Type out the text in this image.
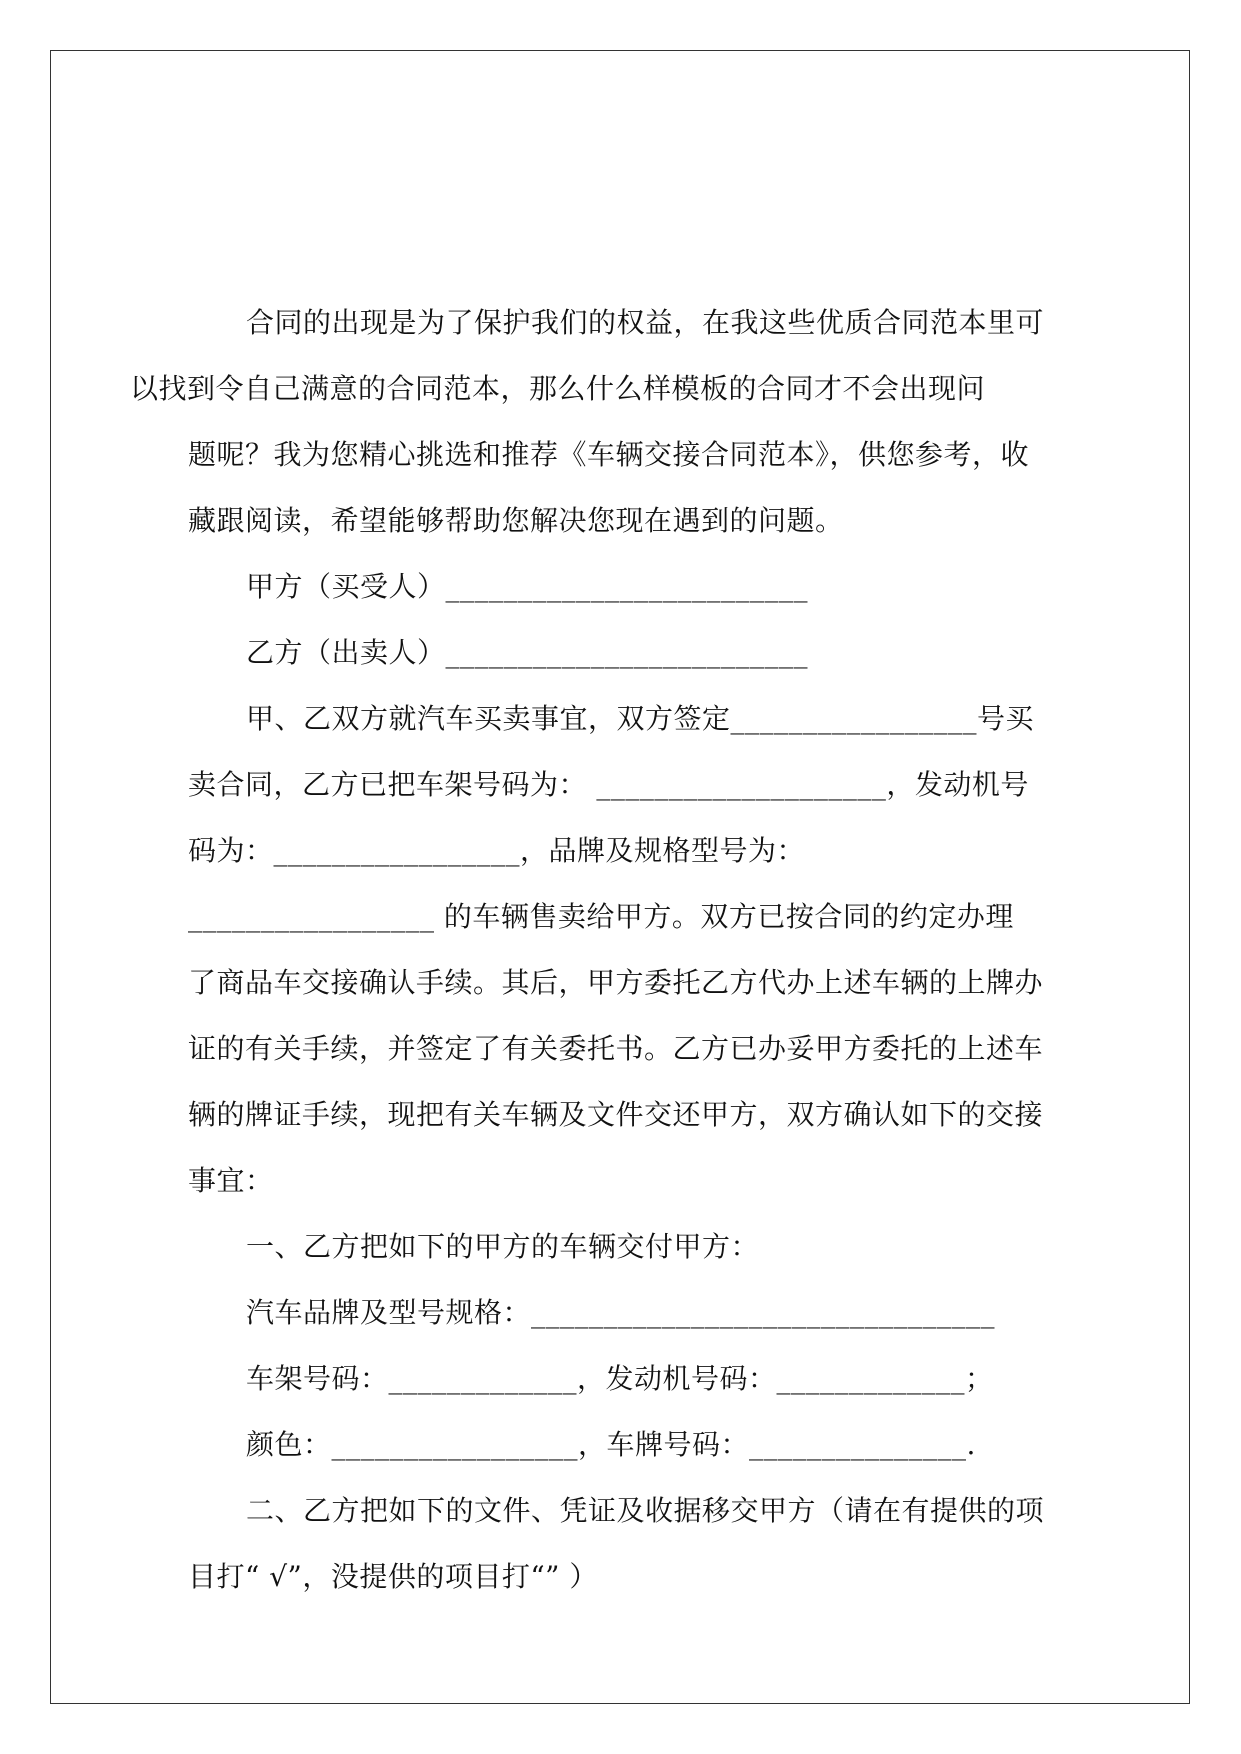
合同的出现是为了保护我们的权益，在我这些优质合同范本里可
以找到令自己满意的合同范本，那么什么样模板的合同才不会出现问
题呢？我为您精心挑选和推荐《车辆交接合同范本》，供您参考，收
藏跟阅读，希望能够帮助您解决您现在遇到的问题。

甲方（买受人）_________________________

乙方（出卖人）_________________________

甲、乙双方就汽车买卖事宜，双方签定_________________号买
卖合同，乙方已把车架号码为： ____________________，发动机号
码为：_________________，品牌及规格型号为：
_________________ 的车辆售卖给甲方。双方已按合同的约定办理
了商品车交接确认手续。其后，甲方委托乙方代办上述车辆的上牌办
证的有关手续，并签定了有关委托书。乙方已办妥甲方委托的上述车
辆的牌证手续，现把有关车辆及文件交还甲方，双方确认如下的交接
事宜：

一、乙方把如下的甲方的车辆交付甲方：

汽车品牌及型号规格：________________________________

车架号码：_____________，发动机号码：_____________；

颜色：_________________，车牌号码：_______________.

二、乙方把如下的文件、凭证及收据移交甲方（请在有提供的项
目打“ √”，没提供的项目打“” ）
